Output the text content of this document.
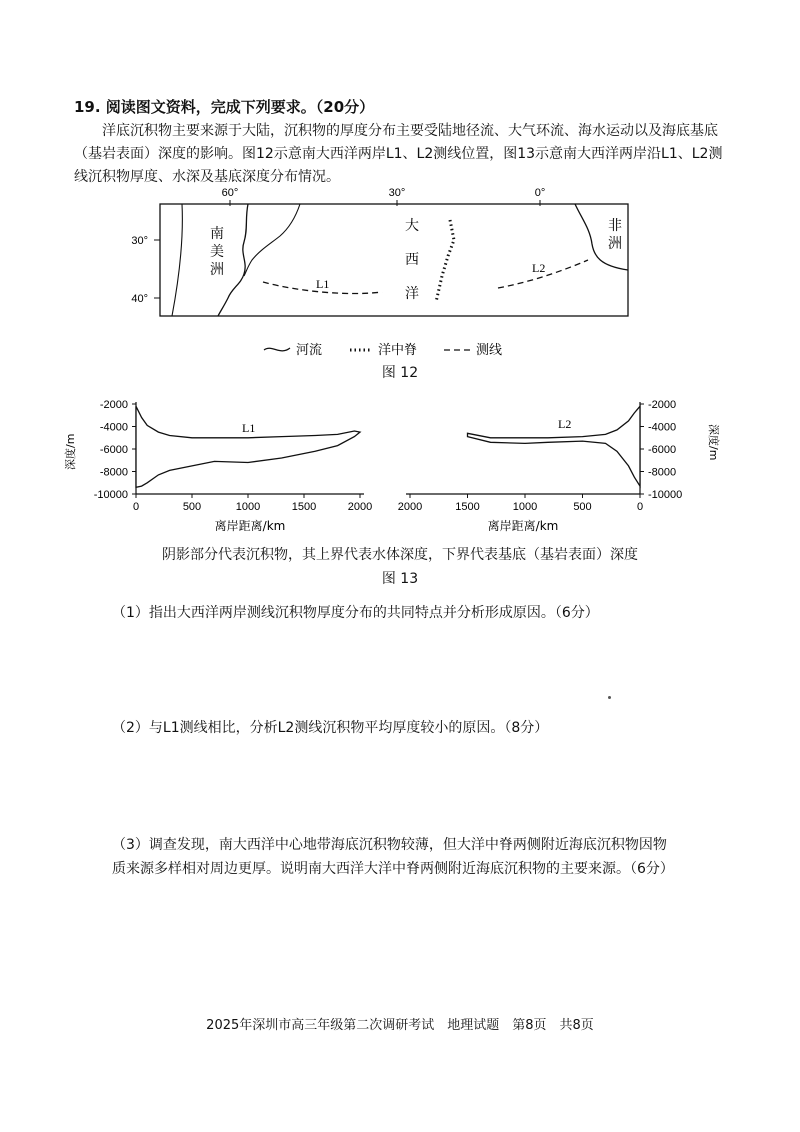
19. 阅读图文资料，完成下列要求。（20分）
洋底沉积物主要来源于大陆，沉积物的厚度分布主要受陆地径流、大气环流、海水运动以及海底基底（基岩表面）深度的影响。图12示意南大西洋两岸L1、L2测线位置，图13示意南大西洋两岸沿L1、L2测线沉积物厚度、水深及基底深度分布情况。
60°	30°	0°
30°
40°
L1
L2
南
美
洲
大
西
洋
非
洲
河流	洋中脊	测线
图 12
-2000
-4000
-6000
-8000
-10000
-2000
-4000
-6000
-8000
-10000
0	500	1000	1500	2000 2000	1500	1000	500	0
深度/m	深度/m
L1	L2
离岸距离/km	离岸距离/km
阴影部分代表沉积物，其上界代表水体深度，下界代表基底（基岩表面）深度
图 13
（1）指出大西洋两岸测线沉积物厚度分布的共同特点并分析形成原因。（6分）
（2）与L1测线相比，分析L2测线沉积物平均厚度较小的原因。（8分）
（3）调查发现，南大西洋中心地带海底沉积物较薄，但大洋中脊两侧附近海底沉积物因物质来源多样相对周边更厚。说明南大西洋大洋中脊两侧附近海底沉积物的主要来源。（6分）
2025年深圳市高三年级第二次调研考试　地理试题　第8页　共8页
